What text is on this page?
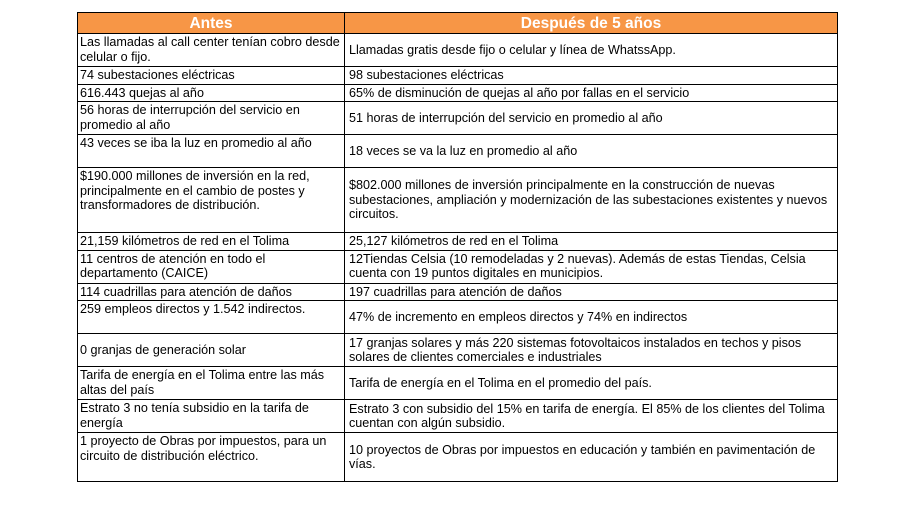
Antes	Después de 5 años
Las llamadas al call center tenían cobro desde celular o fijo.	Llamadas gratis desde fijo o celular y línea de WhatssApp.
74 subestaciones eléctricas	98 subestaciones eléctricas
616.443 quejas al año	65% de disminución de quejas al año por fallas en el servicio
56 horas de interrupción del servicio en promedio al año	51 horas de interrupción del servicio en promedio al año
43 veces se iba la luz en promedio al año	18 veces se va la luz en promedio al año
$190.000 millones de inversión en la red, principalmente en el cambio de postes y transformadores de distribución.	$802.000 millones de inversión principalmente en la construcción de nuevas subestaciones, ampliación y modernización de las subestaciones existentes y nuevos circuitos.
21,159 kilómetros de red en el Tolima	25,127 kilómetros de red en el Tolima
11 centros de atención en todo el departamento (CAICE)	12Tiendas Celsia (10 remodeladas y 2 nuevas). Además de estas Tiendas, Celsia cuenta con 19 puntos digitales en municipios.
114 cuadrillas para atención de daños	197 cuadrillas para atención de daños
259 empleos directos y 1.542 indirectos.	47% de incremento en empleos directos y 74% en indirectos
0 granjas de generación solar	17 granjas solares y más 220 sistemas fotovoltaicos instalados en techos y pisos solares de clientes comerciales e industriales
Tarifa de energía en el Tolima entre las más altas del país	Tarifa de energía en el Tolima en el promedio del país.
Estrato 3 no tenía subsidio en la tarifa de energía	Estrato 3 con subsidio del 15% en tarifa de energía. El 85% de los clientes del Tolima cuentan con algún subsidio.
1 proyecto de Obras por impuestos, para un circuito de distribución eléctrico.	10 proyectos de Obras por impuestos en educación y también en pavimentación de vías.
